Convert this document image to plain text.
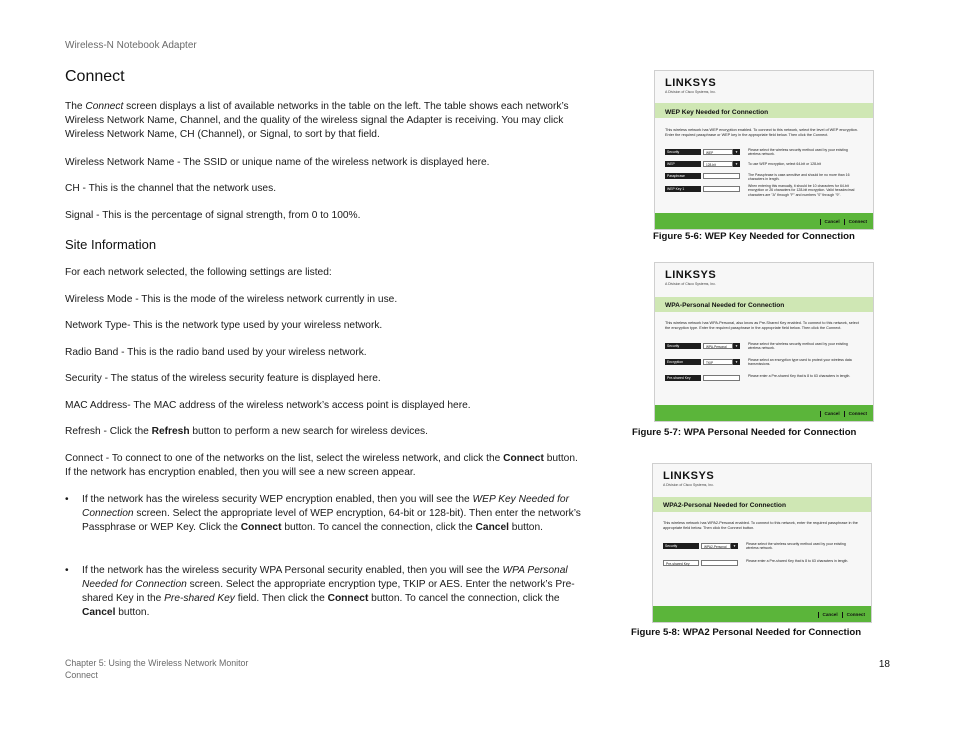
Wireless-N Notebook Adapter
Connect
The Connect screen displays a list of available networks in the table on the left. The table shows each network’s Wireless Network Name, Channel, and the quality of the wireless signal the Adapter is receiving. You may click Wireless Network Name, CH (Channel), or Signal, to sort by that field.
Wireless Network Name - The SSID or unique name of the wireless network is displayed here.
CH - This is the channel that the network uses.
Signal - This is the percentage of signal strength, from 0 to 100%.
Site Information
For each network selected, the following settings are listed:
Wireless Mode - This is the mode of the wireless network currently in use.
Network Type- This is the network type used by your wireless network.
Radio Band - This is the radio band used by your wireless network.
Security - The status of the wireless security feature is displayed here.
MAC Address- The MAC address of the wireless network’s access point is displayed here.
Refresh - Click the Refresh button to perform a new search for wireless devices.
Connect - To connect to one of the networks on the list, select the wireless network, and click the Connect button. If the network has encryption enabled, then you will see a new screen appear.
• If the network has the wireless security WEP encryption enabled, then you will see the WEP Key Needed for Connection screen. Select the appropriate level of WEP encryption, 64-bit or 128-bit). Then enter the network’s Passphrase or WEP Key. Click the Connect button. To cancel the connection, click the Cancel button.
• If the network has the wireless security WPA Personal security enabled, then you will see the WPA Personal Needed for Connection screen. Select the appropriate encryption type, TKIP or AES. Enter the network’s Pre-shared Key in the Pre-shared Key field. Then click the Connect button. To cancel the connection, click the Cancel button.
LINKSYS
A Division of Cisco Systems, Inc.
WEP Key Needed for Connection
This wireless network has WEP encryption enabled. To connect to this network, select the level of WEP encryption. Enter the required passphrase or WEP key in the appropriate field below. Then click the Connect.
Security	WEP	▼	Please select the wireless security method used by your existing wireless network.
WEP	128-bit	▼	To use WEP encryption, select 64-bit or 128-bit
Passphrase	The Passphrase is case-sensitive and should be no more than 16 characters in length.
WEP Key 1
When entering this manually, it should be 10 characters for 64-bit encryption or 26 characters for 128-bit encryption. Valid hexadecimal characters are "A" through "F" and numbers "0" through "9".
Cancel Connect
Figure 5-6: WEP Key Needed for Connection
LINKSYS
A Division of Cisco Systems, Inc.
WPA-Personal Needed for Connection
This wireless network has WPA-Personal, also know as Pre-Shared Key enabled. To connect to this network, select the encryption type. Enter the required passphrase in the appropriate field below. Then click the Connect.
Security	WPA-Personal	▼	Please select the wireless security method used by your existing wireless network.
Encryption	TKIP	▼	Please select an encryption type used to protect your wireless data transmissions.
Pre-shared Key	Please enter a Pre-shared Key that is 8 to 63 characters in length.
Cancel Connect
Figure 5-7: WPA Personal Needed for Connection
LINKSYS
A Division of Cisco Systems, Inc.
WPA2-Personal Needed for Connection
This wireless network has WPA2-Personal enabled. To connect to this network, enter the required passphrase in the appropriate field below. Then click the Connect button.
Security	WPA2-Personal	▼	Please select the wireless security method used by your existing wireless network.
Pre-shared Key
Please enter a Pre-shared Key that is 8 to 63 characters in length.
Cancel Connect
Figure 5-8: WPA2 Personal Needed for Connection
Chapter 5: Using the Wireless Network Monitor
Connect
18
